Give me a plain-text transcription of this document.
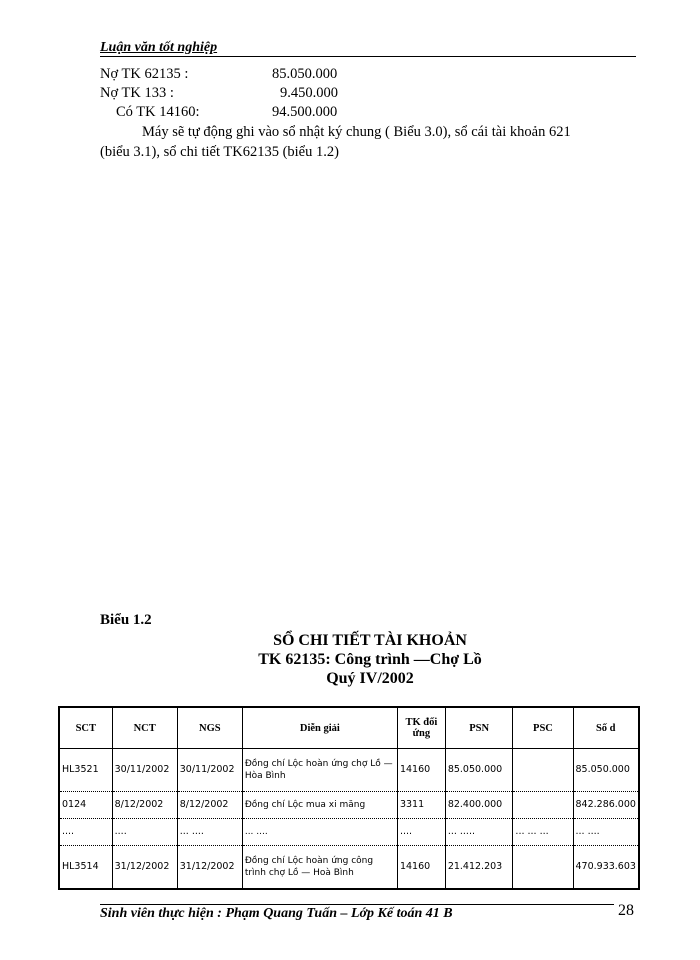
Luận văn tốt nghiệp
Nợ TK 62135 :	85.050.000
Nợ TK 133 :	9.450.000
Có TK 14160:	94.500.000
Máy sẽ tự động ghi vào sổ nhật ký chung ( Biểu 3.0), sổ cái tài khoản 621
(biểu 3.1), sổ chi tiết TK62135 (biểu 1.2)
Biểu 1.2
SỔ CHI TIẾT TÀI KHOẢN
TK 62135: Công trình —Chợ Lồ
Quý IV/2002
SCT	NCT	NGS	Diễn giải	TK đối ứng	PSN	PSC	Số d
HL3521	30/11/2002	30/11/2002	Đồng chí Lộc hoàn ứng chợ Lồ — Hòa Bình	14160	85.050.000		85.050.000
0124	8/12/2002	8/12/2002	Đồng chí Lộc mua xi măng	3311	82.400.000		842.286.000
....	....	... ....	... ....	....	... .....	... ... ...	... ....
HL3514	31/12/2002	31/12/2002	Đồng chí Lộc hoàn ứng công trình chợ Lồ — Hoà Bình	14160	21.412.203		470.933.603
Sinh viên thực hiện : Phạm Quang Tuấn – Lớp Kế toán 41 B	28
